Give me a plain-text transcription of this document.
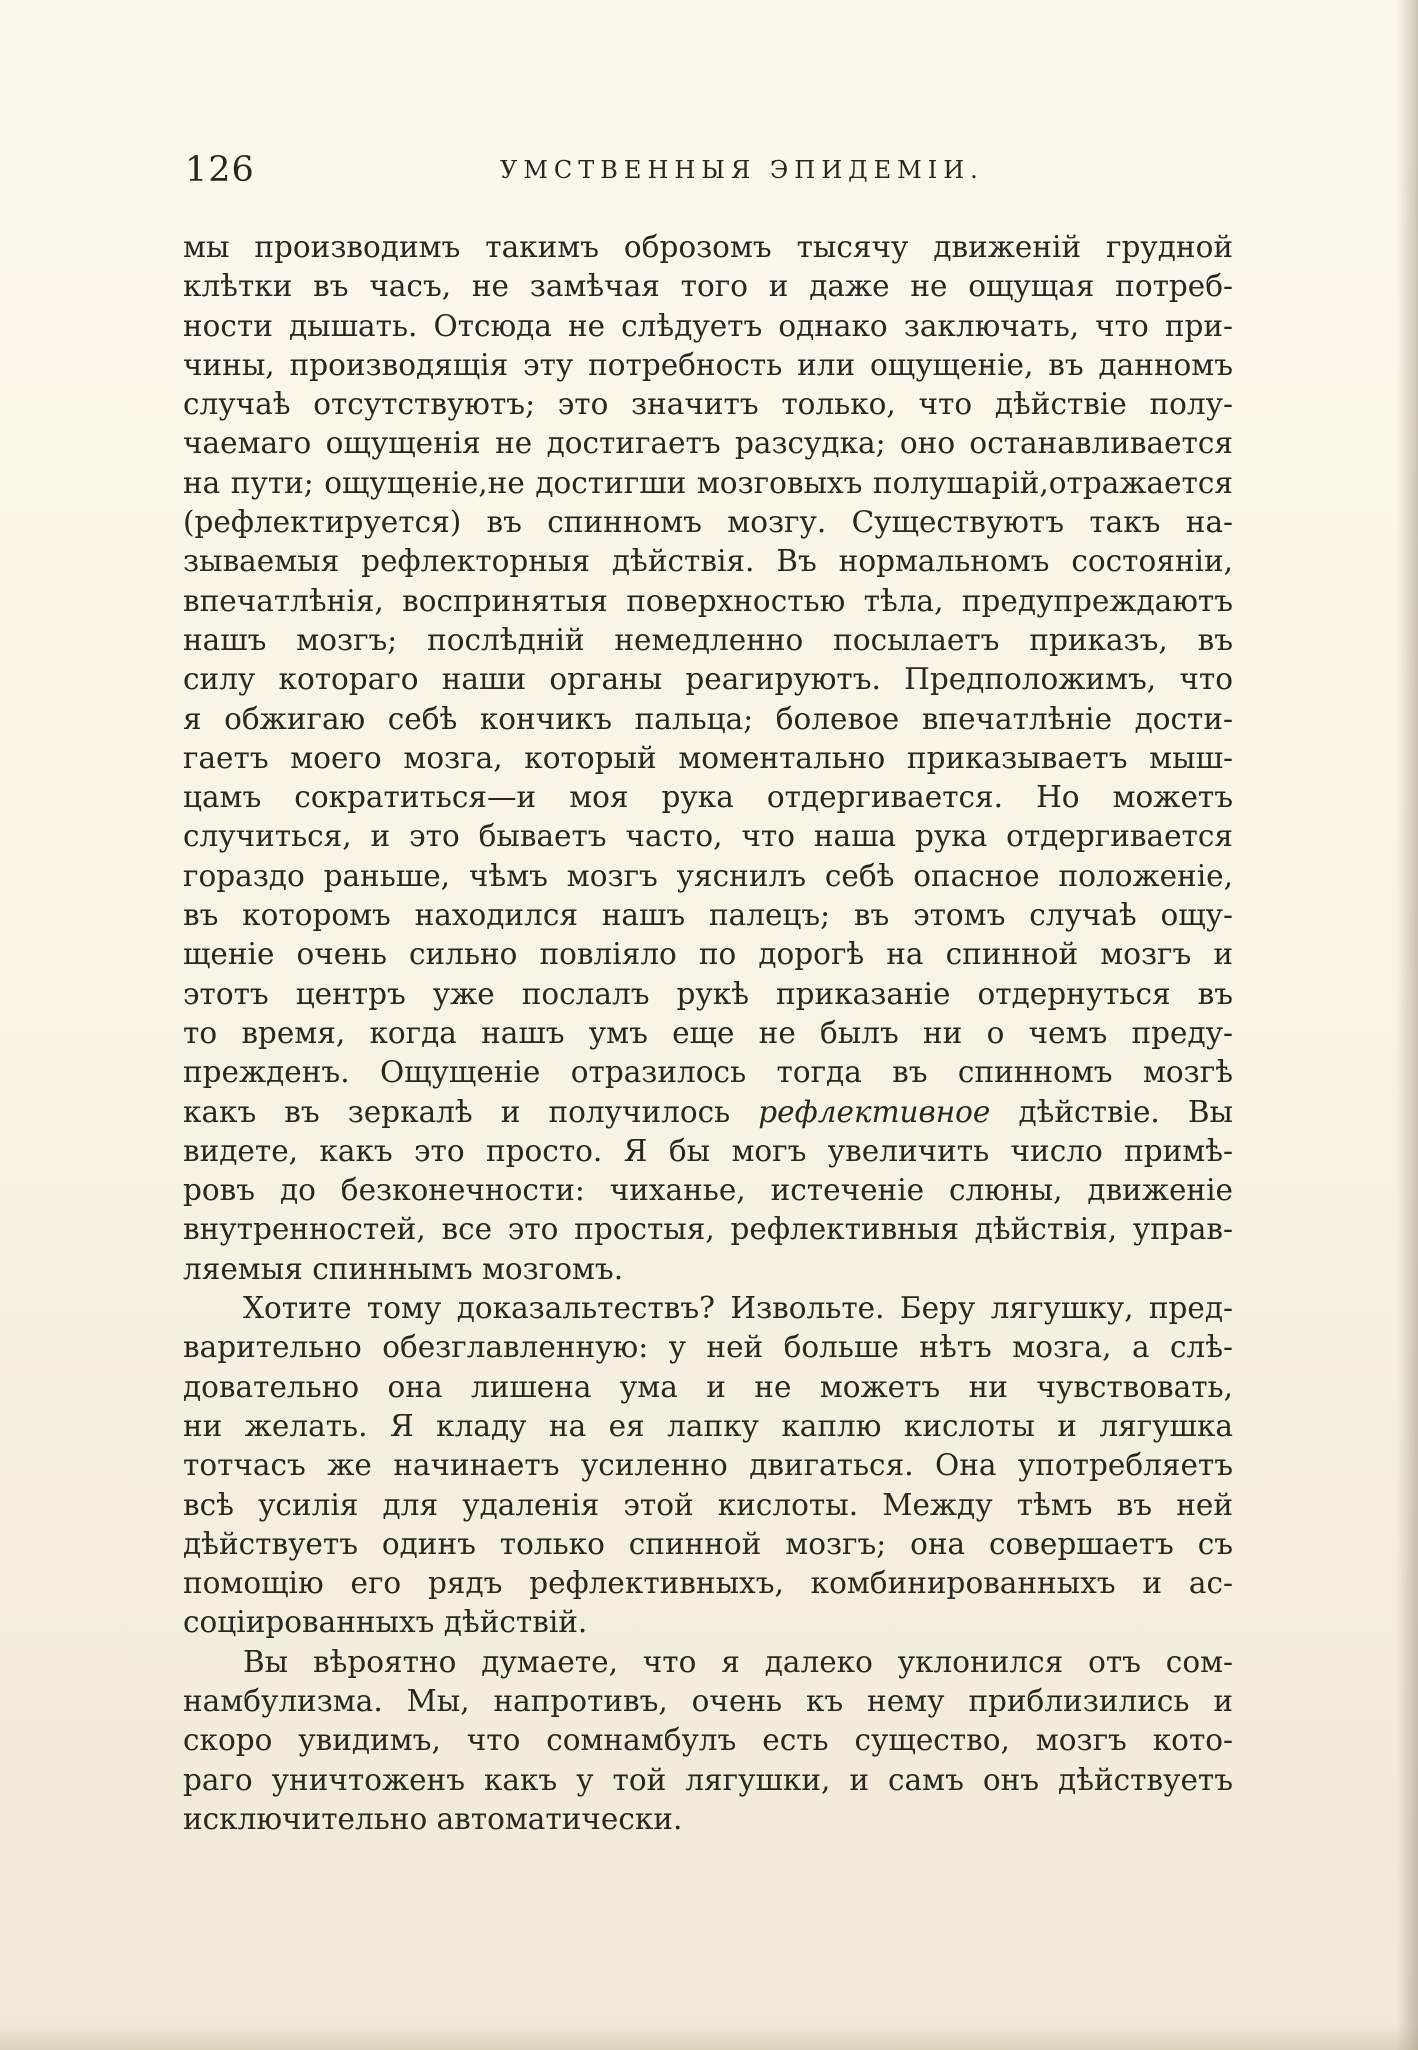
126	УМСТВЕННЫЯ ЭПИДЕМIИ.
мы производимъ такимъ оброзомъ тысячу движенiй грудной
клѣтки въ часъ, не замѣчая того и даже не ощущая потреб-
ности дышать. Отсюда не слѣдуетъ однако заключать, что при-
чины, производящiя эту потребность или ощущенiе, въ данномъ
случаѣ отсутствуютъ; это значитъ только, что дѣйствiе полу-
чаемаго ощущенiя не достигаетъ разсудка; оно останавливается
на пути; ощущенiе,не достигши мозговыхъ полушарiй,отражается
(рефлектируется) въ спинномъ мозгу. Существуютъ такъ на-
зываемыя рефлекторныя дѣйствiя. Въ нормальномъ состоянiи,
впечатлѣнiя, воспринятыя поверхностью тѣла, предупреждаютъ
нашъ мозгъ; послѣднiй немедленно посылаетъ приказъ, въ
силу котораго наши органы реагируютъ. Предположимъ, что
я обжигаю себѣ кончикъ пальца; болевое впечатлѣнiе дости-
гаетъ моего мозга, который моментально приказываетъ мыш-
цамъ сократиться—и моя рука отдергивается. Но можетъ
случиться, и это бываетъ часто, что наша рука отдергивается
гораздо раньше, чѣмъ мозгъ уяснилъ себѣ опасное положенiе,
въ которомъ находился нашъ палецъ; въ этомъ случаѣ ощу-
щенiе очень сильно повлiяло по дорогѣ на спинной мозгъ и
этотъ центръ уже послалъ рукѣ приказанiе отдернуться въ
то время, когда нашъ умъ еще не былъ ни о чемъ преду-
прежденъ. Ощущенiе отразилось тогда въ спинномъ мозгѣ
какъ въ зеркалѣ и получилось рефлективное дѣйствiе. Вы
видете, какъ это просто. Я бы могъ увеличить число примѣ-
ровъ до безконечности: чиханье, истеченiе слюны, движенiе
внутренностей, все это простыя, рефлективныя дѣйствiя, управ-
ляемыя спиннымъ мозгомъ.
Хотите тому доказальтествъ? Извольте. Беру лягушку, пред-
варительно обезглавленную: у ней больше нѣтъ мозга, а слѣ-
довательно она лишена ума и не можетъ ни чувствовать,
ни желать. Я кладу на ея лапку каплю кислоты и лягушка
тотчасъ же начинаетъ усиленно двигаться. Она употребляетъ
всѣ усилiя для удаленiя этой кислоты. Между тѣмъ въ ней
дѣйствуетъ одинъ только спинной мозгъ; она совершаетъ съ
помощiю его рядъ рефлективныхъ, комбинированныхъ и ас-
соцiированныхъ дѣйствiй.
Вы вѣроятно думаете, что я далеко уклонился отъ сом-
намбулизма. Мы, напротивъ, очень къ нему приблизились и
скоро увидимъ, что сомнамбулъ есть существо, мозгъ кото-
раго уничтоженъ какъ у той лягушки, и самъ онъ дѣйствуетъ
исключительно автоматически.
